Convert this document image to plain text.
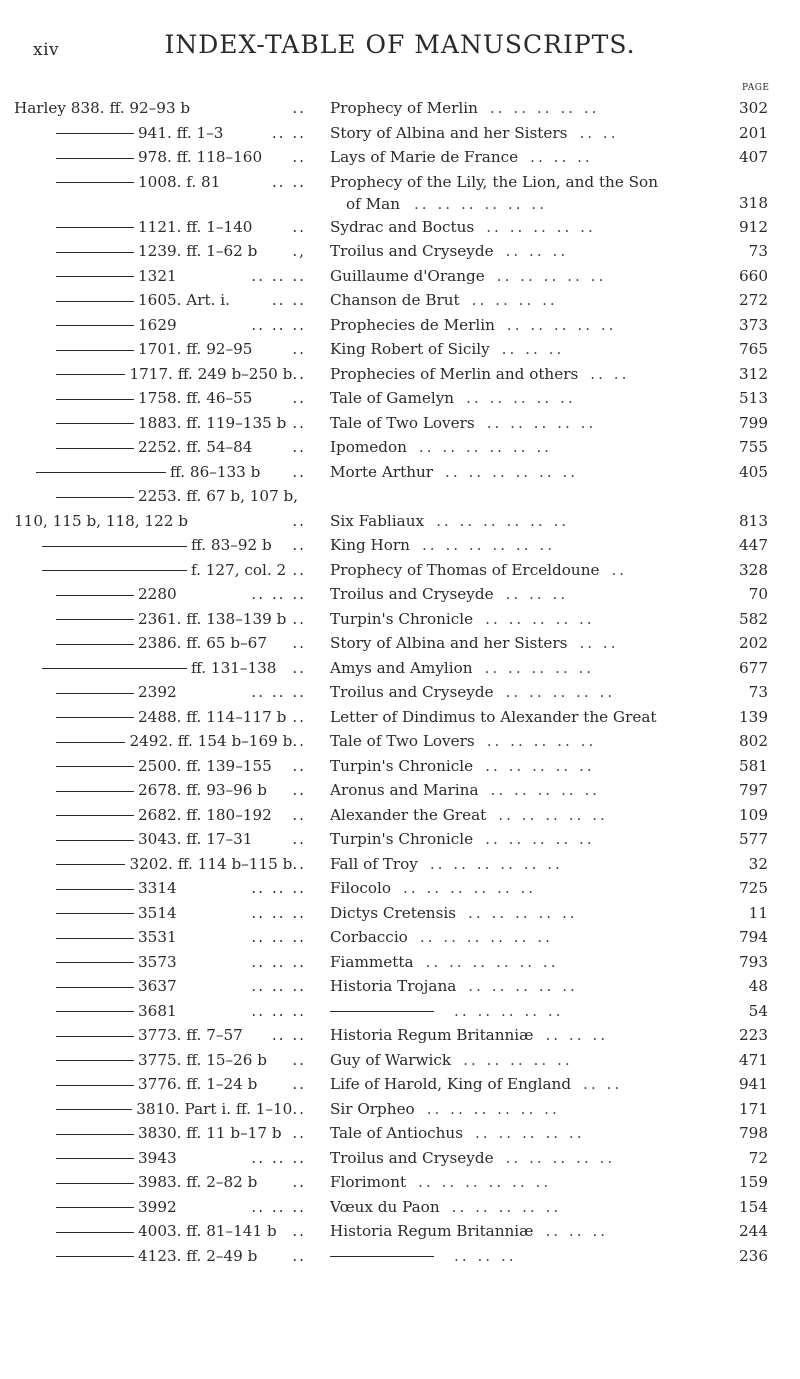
xiv	INDEX-TABLE OF MANUSCRIPTS.
PAGE
Harley 838. ff. 92–93 b	..	Prophecy of Merlin .. .. .. .. ..	302
941. ff. 1–3	.. ..	Story of Albina and her Sisters .. ..	201
978. ff. 118–160 ..	Lays of Marie de France .. .. ..	407
1008. f. 81	.. ..	Prophecy of the Lily, the Lion, and the Son
of Man .. .. .. .. .. ..	318
1121. ff. 1–140	..	Sydrac and Boctus .. .. .. .. ..	912
1239. ff. 1–62 b .,	Troilus and Cryseyde .. .. ..	73
1321	.. .. ..	Guillaume d'Orange .. .. .. .. ..	660
1605. Art. i.	.. ..	Chanson de Brut .. .. .. ..	272
1629	.. .. ..	Prophecies de Merlin .. .. .. .. ..	373
1701. ff. 92–95	..	King Robert of Sicily .. .. ..	765
1717. ff. 249 b–250 b ..	Prophecies of Merlin and others .. ..	312
1758. ff. 46–55	..	Tale of Gamelyn .. .. .. .. ..	513
1883. ff. 119–135 b ..	Tale of Two Lovers .. .. .. .. ..	799
2252. ff. 54–84	..	Ipomedon .. .. .. .. .. ..	755
ff. 86–133 b ..	Morte Arthur .. .. .. .. .. ..	405
2253. ff. 67 b, 107 b,
110, 115 b, 118, 122 b	..	Six Fabliaux .. .. .. .. .. ..	813
ff. 83–92 b ..	King Horn .. .. .. .. .. ..	447
f. 127, col. 2 ..	Prophecy of Thomas of Erceldoune ..	328
2280	.. .. ..	Troilus and Cryseyde .. .. ..	70
2361. ff. 138–139 b ..	Turpin's Chronicle .. .. .. .. ..	582
2386. ff. 65 b–67 ..	Story of Albina and her Sisters .. ..	202
ff. 131–138 ..	Amys and Amylion .. .. .. .. ..	677
2392	.. .. ..	Troilus and Cryseyde .. .. .. .. ..	73
2488. ff. 114–117 b ..	Letter of Dindimus to Alexander the Great	139
2492. ff. 154 b–169 b ..	Tale of Two Lovers .. .. .. .. ..	802
2500. ff. 139–155 ..	Turpin's Chronicle .. .. .. .. ..	581
2678. ff. 93–96 b ..	Aronus and Marina .. .. .. .. ..	797
2682. ff. 180–192 ..	Alexander the Great .. .. .. .. ..	109
3043. ff. 17–31	..	Turpin's Chronicle .. .. .. .. ..	577
3202. ff. 114 b–115 b ..	Fall of Troy .. .. .. .. .. ..	32
3314	.. .. ..	Filocolo .. .. .. .. .. ..	725
3514	.. .. ..	Dictys Cretensis .. .. .. .. ..	11
3531	.. .. ..	Corbaccio .. .. .. .. .. ..	794
3573	.. .. ..	Fiammetta .. .. .. .. .. ..	793
3637	.. .. ..	Historia Trojana .. .. .. .. ..	48
3681	.. .. ..	.. .. .. .. ..	54
3773. ff. 7–57 .. ..	Historia Regum Britanniæ .. .. ..	223
3775. ff. 15–26 b ..	Guy of Warwick .. .. .. .. ..	471
3776. ff. 1–24 b ..	Life of Harold, King of England .. ..	941
3810. Part i. ff. 1–10 ..	Sir Orpheo .. .. .. .. .. ..	171
3830. ff. 11 b–17 b ..	Tale of Antiochus .. .. .. .. ..	798
3943	.. .. ..	Troilus and Cryseyde .. .. .. .. ..	72
3983. ff. 2–82 b ..	Florimont .. .. .. .. .. ..	159
3992	.. .. ..	Vœux du Paon .. .. .. .. ..	154
4003. ff. 81–141 b ..	Historia Regum Britanniæ .. .. ..	244
4123. ff. 2–49 b ..	.. .. ..	236
